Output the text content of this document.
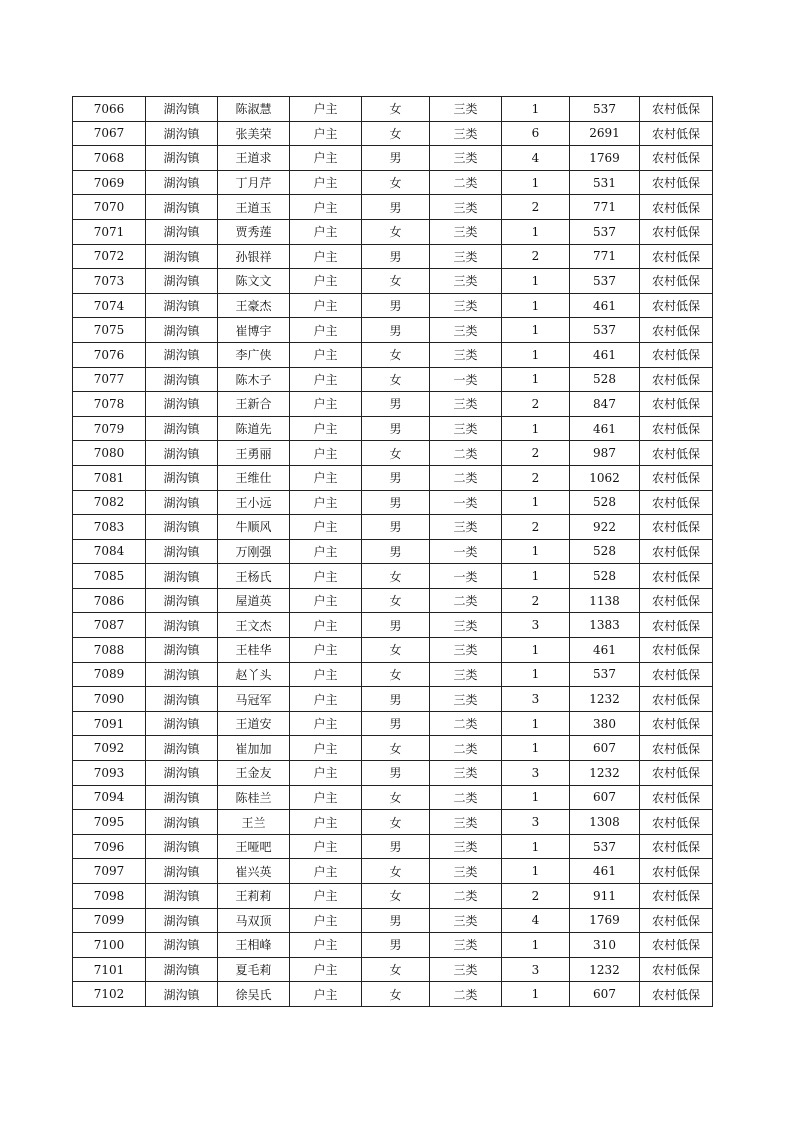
7066	湖沟镇	陈淑慧	户主	女	三类	1	537	农村低保
7067	湖沟镇	张美荣	户主	女	三类	6	2691	农村低保
7068	湖沟镇	王道求	户主	男	三类	4	1769	农村低保
7069	湖沟镇	丁月芹	户主	女	二类	1	531	农村低保
7070	湖沟镇	王道玉	户主	男	三类	2	771	农村低保
7071	湖沟镇	贾秀莲	户主	女	三类	1	537	农村低保
7072	湖沟镇	孙银祥	户主	男	三类	2	771	农村低保
7073	湖沟镇	陈文文	户主	女	三类	1	537	农村低保
7074	湖沟镇	王豪杰	户主	男	三类	1	461	农村低保
7075	湖沟镇	崔博宇	户主	男	三类	1	537	农村低保
7076	湖沟镇	李广侠	户主	女	三类	1	461	农村低保
7077	湖沟镇	陈木子	户主	女	一类	1	528	农村低保
7078	湖沟镇	王新合	户主	男	三类	2	847	农村低保
7079	湖沟镇	陈道先	户主	男	三类	1	461	农村低保
7080	湖沟镇	王勇丽	户主	女	二类	2	987	农村低保
7081	湖沟镇	王维仕	户主	男	二类	2	1062	农村低保
7082	湖沟镇	王小远	户主	男	一类	1	528	农村低保
7083	湖沟镇	牛顺风	户主	男	三类	2	922	农村低保
7084	湖沟镇	万刚强	户主	男	一类	1	528	农村低保
7085	湖沟镇	王杨氏	户主	女	一类	1	528	农村低保
7086	湖沟镇	屋道英	户主	女	二类	2	1138	农村低保
7087	湖沟镇	王文杰	户主	男	三类	3	1383	农村低保
7088	湖沟镇	王桂华	户主	女	三类	1	461	农村低保
7089	湖沟镇	赵丫头	户主	女	三类	1	537	农村低保
7090	湖沟镇	马冠军	户主	男	三类	3	1232	农村低保
7091	湖沟镇	王道安	户主	男	二类	1	380	农村低保
7092	湖沟镇	崔加加	户主	女	二类	1	607	农村低保
7093	湖沟镇	王金友	户主	男	三类	3	1232	农村低保
7094	湖沟镇	陈桂兰	户主	女	二类	1	607	农村低保
7095	湖沟镇	王兰	户主	女	三类	3	1308	农村低保
7096	湖沟镇	王哑吧	户主	男	三类	1	537	农村低保
7097	湖沟镇	崔兴英	户主	女	三类	1	461	农村低保
7098	湖沟镇	王莉莉	户主	女	二类	2	911	农村低保
7099	湖沟镇	马双顶	户主	男	三类	4	1769	农村低保
7100	湖沟镇	王相峰	户主	男	三类	1	310	农村低保
7101	湖沟镇	夏毛莉	户主	女	三类	3	1232	农村低保
7102	湖沟镇	徐吴氏	户主	女	二类	1	607	农村低保
